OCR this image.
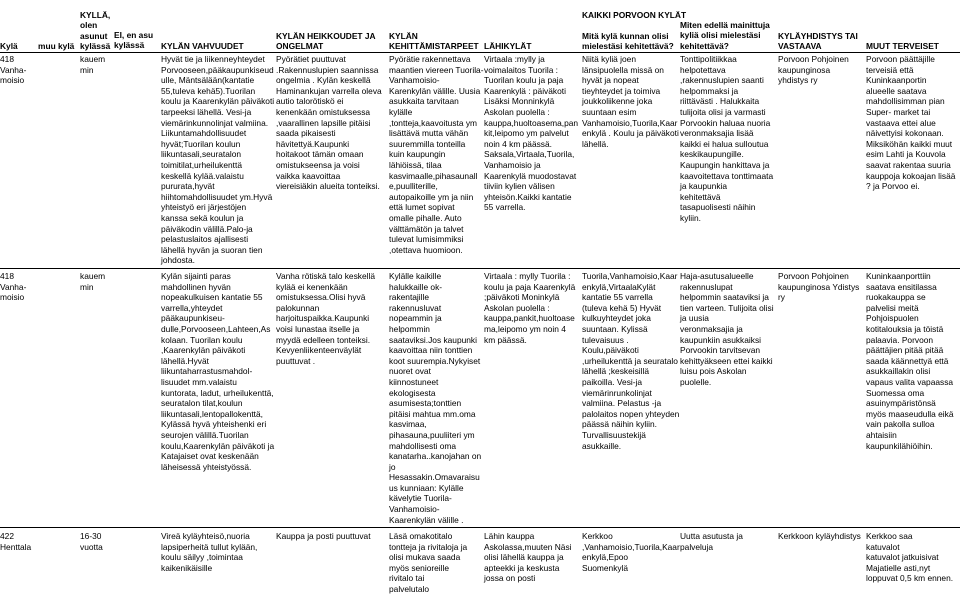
KAIKKI PORVOON KYLÄT
Kylä muu kylä
KYLLÄ,
olen
asunut
kylässä
EI, en asu
kylässä	KYLÄN VAHVUUDET
KYLÄN HEIKKOUDET JA
ONGELMAT
KYLÄN
KEHITTÄMISTARPEET LÄHIKYLÄT
Mitä kylä kunnan olisi
mielestäsi kehitettävä?
Miten edellä mainittuja
kyliä olisi mielestäsi
kehitettävä?
KYLÄYHDISTYS TAI
VASTAAVA	MUUT TERVEISET
418
Vanha-
moisio
kauem
min
Hyvät tie ja liikenneyhteydet
Porvooseen,pääkaupunkiseud
ulle, Mäntsälään(kantatie
55,tuleva kehä5).Tuorilan
koulu ja Kaarenkylän päiväkoti
tarpeeksi lähellä. Vesi-ja
viemärinkunnolinjat valmiina.
Liikuntamahdollisuudet
hyvät;Tuorilan koulun
liikuntasali,seuratalon
toimitilat,urheilukenttä
keskellä kylää.valaistu
pururata,hyvät
hiihtomahdollisuudet ym.Hyvä
yhteistyö eri järjestöjen
kanssa sekä koulun ja
päiväkodin välillä.Palo-ja
pelastuslaitos ajallisesti
lähellä hyvän ja suoran tien
johdosta.
Pyörätiet puuttuvat
.Rakennuslupien saannissa
ongelmia . Kylän keskellä
Haminankujan varrella oleva
autio talorötiskö ei
kenenkään omistuksessa
,vaarallinen lapsille pitäisi
saada pikaisesti
hävitettyä.Kaupunki
hoitakoot tämän omaan
omistukseensa ja voisi
vaikka kaavoittaa
viereisiäkin alueita tonteiksi.
Pyörätie rakennettava
maantien viereen Tuorila-
Vanhamoisio-
Karenkylän välille. Uusia
asukkaita tarvitaan
kylälle
,tontteja,kaavoitusta ym
lisättävä mutta vähän
suuremmilla tonteilla
kuin kaupungin
lähiöissä, tilaa
kasvimaalle,pihasaunall
e,puulliterille,
autopaikoille ym ja niin
että lumet sopivat
omalle pihalle. Auto
välttämätön ja talvet
tulevat lumisimmiksi
,otettava huomioon.
Virtaala :mylly ja
voimalaitos Tuorila :
Tuorilan koulu ja paja
Kaarenkylä : päiväkoti
Lisäksi Monninkylä
Askolan puolella :
kauppa,huoltoasema,pan
kit,leipomo ym palvelut
noin 4 km päässä.
Saksala,Virtaala,Tuorila,
Vanhamoisio ja
Kaarenkylä muodostavat
tiiviin kylien välisen
yhteisön.Kaikki kantatie
55 varrella.
Niitä kyliä joen
länsipuolella missä on
hyvät ja nopeat
tieyhteydet ja toimiva
joukkoliikenne joka
suuntaan esim
Vanhamoisio,Tuorila,Kaar
enkylä . Koulu ja päiväkoti
lähellä.
Tonttipolitiikkaa
helpotettava
,rakennuslupien saanti
helpommaksi ja
riittävästi . Halukkaita
tulijoita olisi ja varmasti
Porvookin haluaa nuoria
veronmaksajia lisää
kaikki ei halua sulloutua
keskikaupungille.
Kaupungin hankittava ja
kaavoitettava tonttimaata
ja kaupunkia
kehitettävä
tasapuolisesti näihin
kyliin.
Porvoon Pohjoinen
kaupunginosa
yhdistys ry
Porvoon päättäjille
terveisiä että
Kuninkaanportin
alueelle saatava
mahdollisimman pian
Super- market tai
vastaava ettei alue
näivettyisi kokonaan.
Miksiköhän kaikki muut
esim Lahti ja Kouvola
saavat rakentaa suuria
kauppoja kokoajan lisää
? ja Porvoo ei.
418
Vanha-
moisio
kauem
min
Kylän sijainti paras
mahdollinen hyvän
nopeakulkuisen kantatie 55
varrella,yhteydet
pääkaupunkiseu-
dulle,Porvooseen,Lahteen,As
kolaan. Tuorilan koulu
,Kaarenkylän päiväkoti
lähellä.Hyvät
liikuntaharrastusmahdol-
lisuudet mm.valaistu
kuntorata, ladut, urheilukenttä,
seuratalon tilat,koulun
liikuntasali,lentopallokenttä,
Kylässä hyvä yhteishenki eri
seurojen välillä.Tuorilan
koulu,Kaarenkylän päiväkoti ja
Katajaiset ovat keskenään
läheisessä yhteistyössä.
Vanha rötiskä talo keskellä
kylää ei kenenkään
omistuksessa.Olisi hyvä
palokunnan
harjoituspaikka.Kaupunki
voisi lunastaa itselle ja
myydä edelleen tonteiksi.
Kevyenliikenteenväylät
puuttuvat .
Kylälle kaikille
halukkaille ok-
rakentajille
rakennusluvat
nopeammin ja
helpommin
saataviksi.Jos kaupunki
kaavoittaa niin tonttien
koot suurempia.Nykyiset
nuoret ovat
kiinnostuneet
ekologisesta
asumisesta;tonttien
pitäisi mahtua mm.oma
kasvimaa,
pihasauna,puuliiteri ym
mahdollisesti oma
kanatarha..kanojahan on
jo
Hesassakin.Omavaraisu
us kunniaan: Kylälle
kävelytie Tuorila-
Vanhamoisio-
Kaarenkylän välille .
Virtaala : mylly Tuorila :
koulu ja paja Kaarenkylä
;päiväkoti Moninkylä
Askolan puolella :
kauppa,pankit,huoltoase
ma,leipomo ym noin 4
km päässä.
Tuorila,Vanhamoisio,Kaar
enkylä,VirtaalaKylät
kantatie 55 varrella
(tuleva kehä 5) Hyvät
kulkuyhteydet joka
suuntaan. Kylissä
tulevaisuus .
Koulu,päiväkoti
,urheilukenttä ja seuratalo
lähellä ;keskeisillä
paikoilla. Vesi-ja
viemärinrunkolinjat
valmiina. Pelastus -ja
palolaitos nopen yhteyden
päässä näihin kyliin.
Turvallisuustekijä
asukkaille.
Haja-asutusalueelle
rakennuslupat
helpommin saataviksi ja
tien varteen. Tulijoita olisi
ja uusia
veronmaksajia ja
kaupunkiin asukkaiksi
Porvookin tarvitsevan
kehittyäkseen ettei kaikki
luisu pois Askolan
puolelle.
Porvoon Pohjoinen
kaupunginosa Ydistys
ry
Kuninkaanporttiin
saatava ensitilassa
ruokakauppa se
palvelisi meitä
Pohjoispuolen
kotitalouksia ja töistä
palaavia. Porvoon
päättäjien pitää pitää
saada käännettyä että
asukkaillakin olisi
vapaus valita vapaassa
Suomessa oma
asuinympäristönsä
myös maaseudulla eikä
vain pakolla sulloa
ahtaisiin
kaupunkilähiöihin.
422
Henttala
16-30
vuotta
Vireä kyläyhteisö,nuoria
lapsiperheitä tullut kylään,
koulu säilyy ,toimintaa
kaikenikäisille
Kauppa ja posti puuttuvat Läsä omakotitalo
tontteja ja rivitaloja ja
olisi mukava saada
myös senioreille
rivitalo tai
palvelutalo
Lähin kauppa
Askolassa,muuten Näsi
olisi lähellä kauppa ja
apteekki ja keskusta
jossa on posti
Kerkkoo
,Vanhamoisio,Tuorila,Kaar
enkylä,Epoo
Suomenkylä
Uutta asutusta ja
palveluja
Kerkkoon kyläyhdistys Kerkkoo saa
katuvalot
katuvalot jatkuisivat
Majatielle asti,nyt
loppuvat 0,5 km ennen.
